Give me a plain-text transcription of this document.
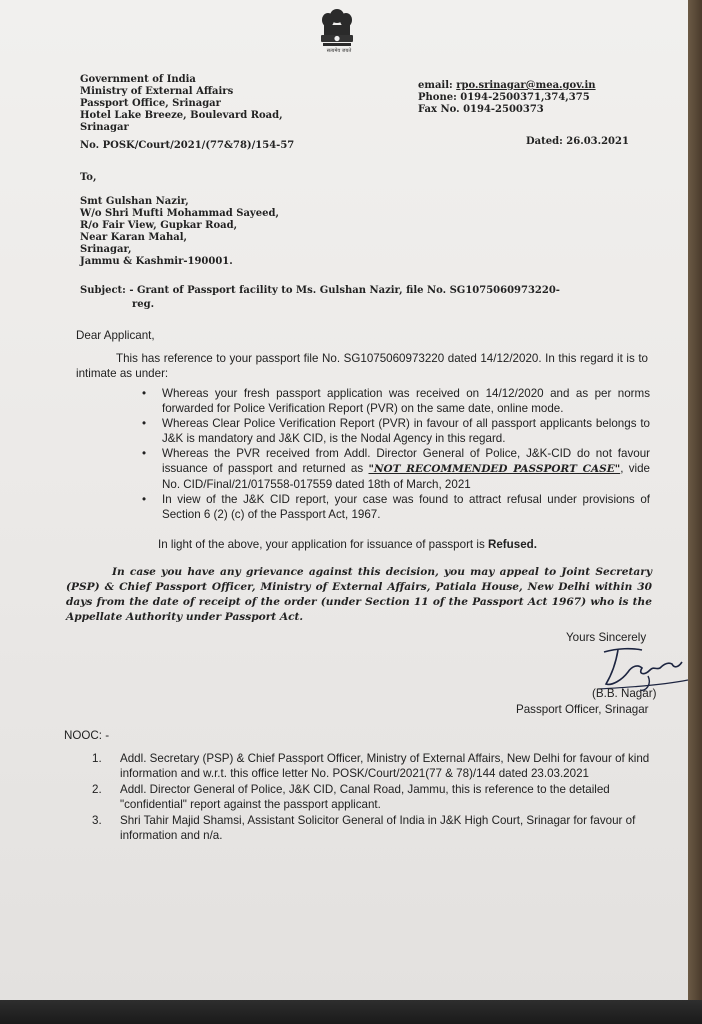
सत्यमेव जयते
Government of India
Ministry of External Affairs
Passport Office, Srinagar
Hotel Lake Breeze, Boulevard Road,
Srinagar
email: rpo.srinagar@mea.gov.in
Phone: 0194-2500371,374,375
Fax No. 0194-2500373
No. POSK/Court/2021/(77&78)/154-57	Dated: 26.03.2021
To,
Smt Gulshan Nazir,
W/o Shri Mufti Mohammad Sayeed,
R/o Fair View, Gupkar Road,
Near Karan Mahal,
Srinagar,
Jammu & Kashmir-190001.
Subject: - Grant of Passport facility to Ms. Gulshan Nazir, file No. SG1075060973220-
reg.
Dear Applicant,
This has reference to your passport file No. SG1075060973220 dated 14/12/2020. In this regard it is to intimate as under:
• Whereas your fresh passport application was received on 14/12/2020 and as per norms forwarded for Police Verification Report (PVR) on the same date, online mode.
• Whereas Clear Police Verification Report (PVR) in favour of all passport applicants belongs to J&K is mandatory and J&K CID, is the Nodal Agency in this regard.
• Whereas the PVR received from Addl. Director General of Police, J&K-CID do not favour issuance of passport and returned as "NOT RECOMMENDED PASSPORT CASE", vide No. CID/Final/21/017558-017559 dated 18th of March, 2021
• In view of the J&K CID report, your case was found to attract refusal under provisions of Section 6 (2) (c) of the Passport Act, 1967.
In light of the above, your application for issuance of passport is Refused.
In case you have any grievance against this decision, you may appeal to Joint Secretary (PSP) & Chief Passport Officer, Ministry of External Affairs, Patiala House, New Delhi within 30 days from the date of receipt of the order (under Section 11 of the Passport Act 1967) who is the Appellate Authority under Passport Act.
Yours Sincerely
(B.B. Nagar)
Passport Officer, Srinagar
NOOC: -
1. Addl. Secretary (PSP) & Chief Passport Officer, Ministry of External Affairs, New Delhi for favour of kind information and w.r.t. this office letter No. POSK/Court/2021(77 & 78)/144 dated 23.03.2021
2. Addl. Director General of Police, J&K CID, Canal Road, Jammu, this is reference to the detailed "confidential" report against the passport applicant.
3. Shri Tahir Majid Shamsi, Assistant Solicitor General of India in J&K High Court, Srinagar for favour of information and n/a.
